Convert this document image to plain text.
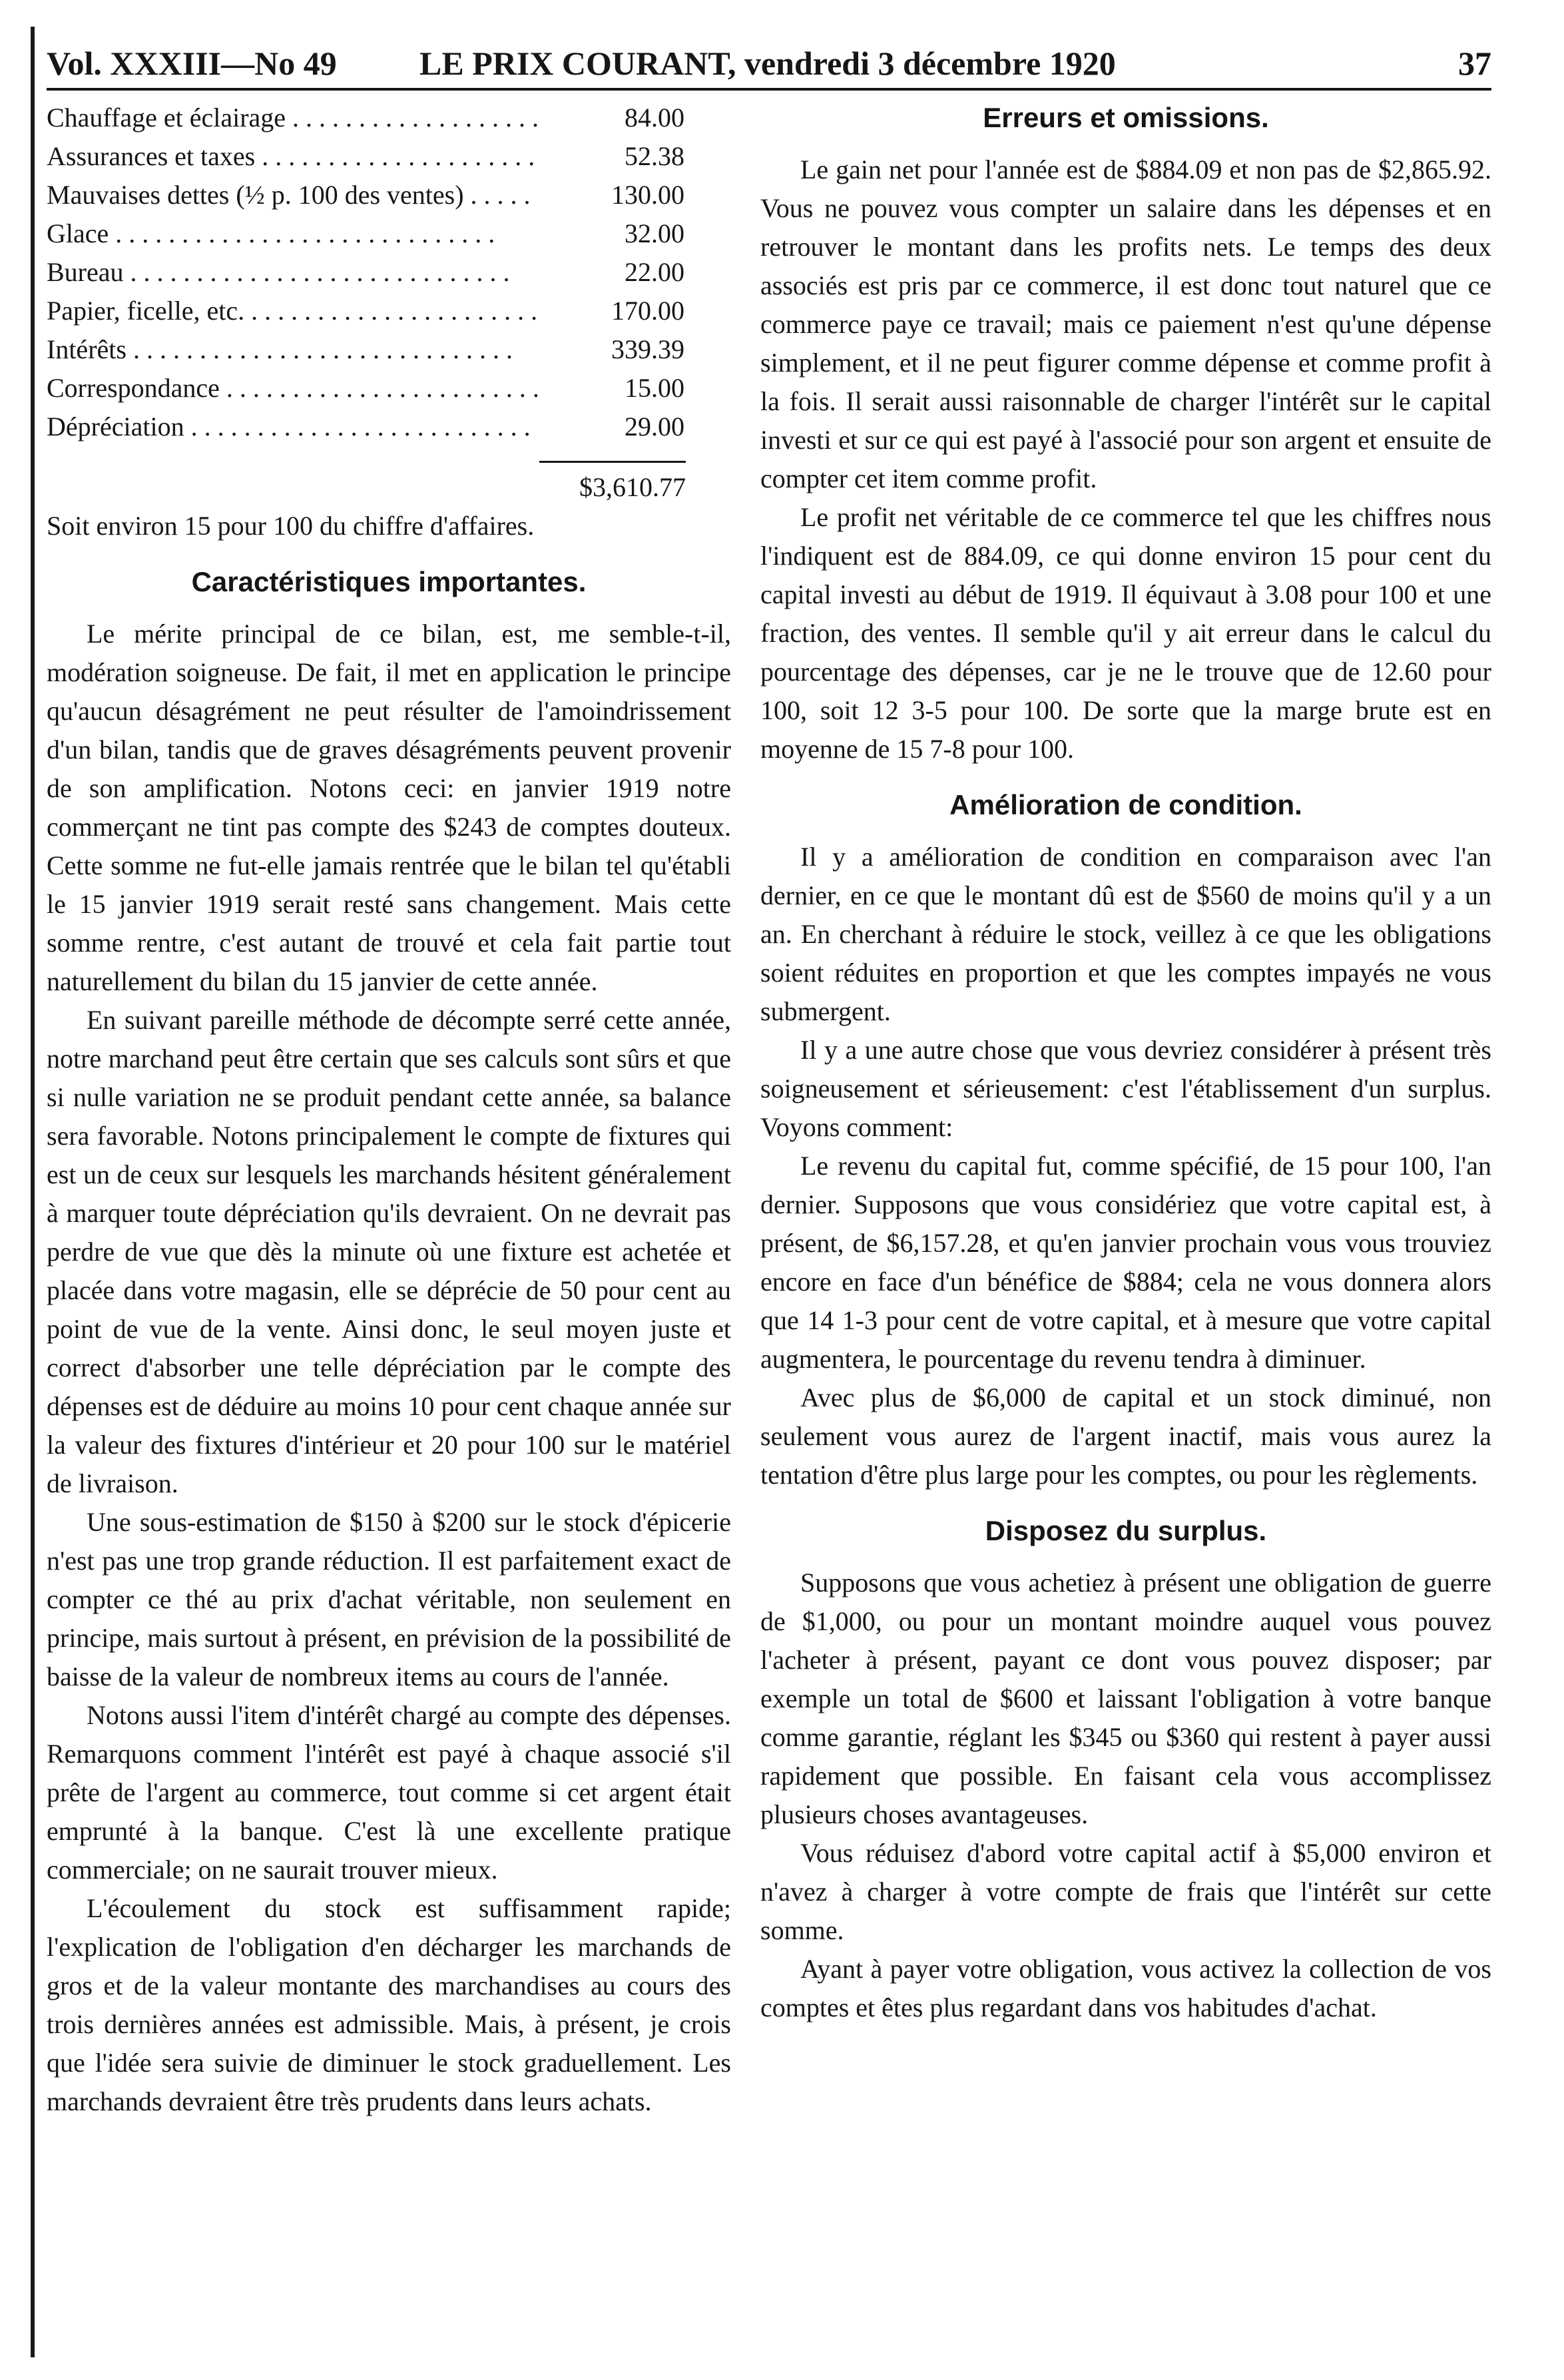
Vol. XXXIII—No 49 LE PRIX COURANT, vendredi 3 décembre 1920	37
Chauffage et éclairage . . .	84.00
Assurances et taxes . . .	52.38
Mauvaises dettes (½ p. 100 des ventes) . . .	130.00
Glace . . .	32.00
Bureau . . .	22.00
Papier, ficelle, etc. . . .	170.00
Intérêts . . .	339.39
Correspondance . . .	15.00
Dépréciation . . .	29.00
$3,610.77

Soit environ 15 pour 100 du chiffre d'affaires.

Caractéristiques importantes.

Le mérite principal de ce bilan, est, me semble-t-il, modération soigneuse. De fait, il met en application le principe qu'aucun désagrément ne peut résulter de l'amoindrissement d'un bilan, tandis que de graves désagréments peuvent provenir de son amplification. Notons ceci: en janvier 1919 notre commerçant ne tint pas compte des $243 de comptes douteux. Cette somme ne fut-elle jamais rentrée que le bilan tel qu'établi le 15 janvier 1919 serait resté sans changement. Mais cette somme rentre, c'est autant de trouvé et cela fait partie tout naturellement du bilan du 15 janvier de cette année.

En suivant pareille méthode de décompte serré cette année, notre marchand peut être certain que ses calculs sont sûrs et que si nulle variation ne se produit pendant cette année, sa balance sera favorable. Notons principalement le compte de fixtures qui est un de ceux sur lesquels les marchands hésitent généralement à marquer toute dépréciation qu'ils devraient. On ne devrait pas perdre de vue que dès la minute où une fixture est achetée et placée dans votre magasin, elle se déprécie de 50 pour cent au point de vue de la vente. Ainsi donc, le seul moyen juste et correct d'absorber une telle dépréciation par le compte des dépenses est de déduire au moins 10 pour cent chaque année sur la valeur des fixtures d'intérieur et 20 pour 100 sur le matériel de livraison.

Une sous-estimation de $150 à $200 sur le stock d'épicerie n'est pas une trop grande réduction. Il est parfaitement exact de compter ce thé au prix d'achat véritable, non seulement en principe, mais surtout à présent, en prévision de la possibilité de baisse de la valeur de nombreux items au cours de l'année.

Notons aussi l'item d'intérêt chargé au compte des dépenses. Remarquons comment l'intérêt est payé à chaque associé s'il prête de l'argent au commerce, tout comme si cet argent était emprunté à la banque. C'est là une excellente pratique commerciale; on ne saurait trouver mieux.

L'écoulement du stock est suffisamment rapide; l'explication de l'obligation d'en décharger les marchands de gros et de la valeur montante des marchandises au cours des trois dernières années est admissible. Mais, à présent, je crois que l'idée sera suivie de diminuer le stock graduellement. Les marchands devraient être très prudents dans leurs achats.

Erreurs et omissions.

Le gain net pour l'année est de $884.09 et non pas de $2,865.92. Vous ne pouvez vous compter un salaire dans les dépenses et en retrouver le montant dans les profits nets. Le temps des deux associés est pris par ce commerce, il est donc tout naturel que ce commerce paye ce travail; mais ce paiement n'est qu'une dépense simplement, et il ne peut figurer comme dépense et comme profit à la fois. Il serait aussi raisonnable de charger l'intérêt sur le capital investi et sur ce qui est payé à l'associé pour son argent et ensuite de compter cet item comme profit.

Le profit net véritable de ce commerce tel que les chiffres nous l'indiquent est de 884.09, ce qui donne environ 15 pour cent du capital investi au début de 1919. Il équivaut à 3.08 pour 100 et une fraction, des ventes. Il semble qu'il y ait erreur dans le calcul du pourcentage des dépenses, car je ne le trouve que de 12.60 pour 100, soit 12 3-5 pour 100. De sorte que la marge brute est en moyenne de 15 7-8 pour 100.

Amélioration de condition.

Il y a amélioration de condition en comparaison avec l'an dernier, en ce que le montant dû est de $560 de moins qu'il y a un an. En cherchant à réduire le stock, veillez à ce que les obligations soient réduites en proportion et que les comptes impayés ne vous submergent.

Il y a une autre chose que vous devriez considérer à présent très soigneusement et sérieusement: c'est l'établissement d'un surplus. Voyons comment:

Le revenu du capital fut, comme spécifié, de 15 pour 100, l'an dernier. Supposons que vous considériez que votre capital est, à présent, de $6,157.28, et qu'en janvier prochain vous vous trouviez encore en face d'un bénéfice de $884; cela ne vous donnera alors que 14 1-3 pour cent de votre capital, et à mesure que votre capital augmentera, le pourcentage du revenu tendra à diminuer.

Avec plus de $6,000 de capital et un stock diminué, non seulement vous aurez de l'argent inactif, mais vous aurez la tentation d'être plus large pour les comptes, ou pour les règlements.

Disposez du surplus.

Supposons que vous achetiez à présent une obligation de guerre de $1,000, ou pour un montant moindre auquel vous pouvez l'acheter à présent, payant ce dont vous pouvez disposer; par exemple un total de $600 et laissant l'obligation à votre banque comme garantie, réglant les $345 ou $360 qui restent à payer aussi rapidement que possible. En faisant cela vous accomplissez plusieurs choses avantageuses.

Vous réduisez d'abord votre capital actif à $5,000 environ et n'avez à charger à votre compte de frais que l'intérêt sur cette somme.

Ayant à payer votre obligation, vous activez la collection de vos comptes et êtes plus regardant dans vos habitudes d'achat.
